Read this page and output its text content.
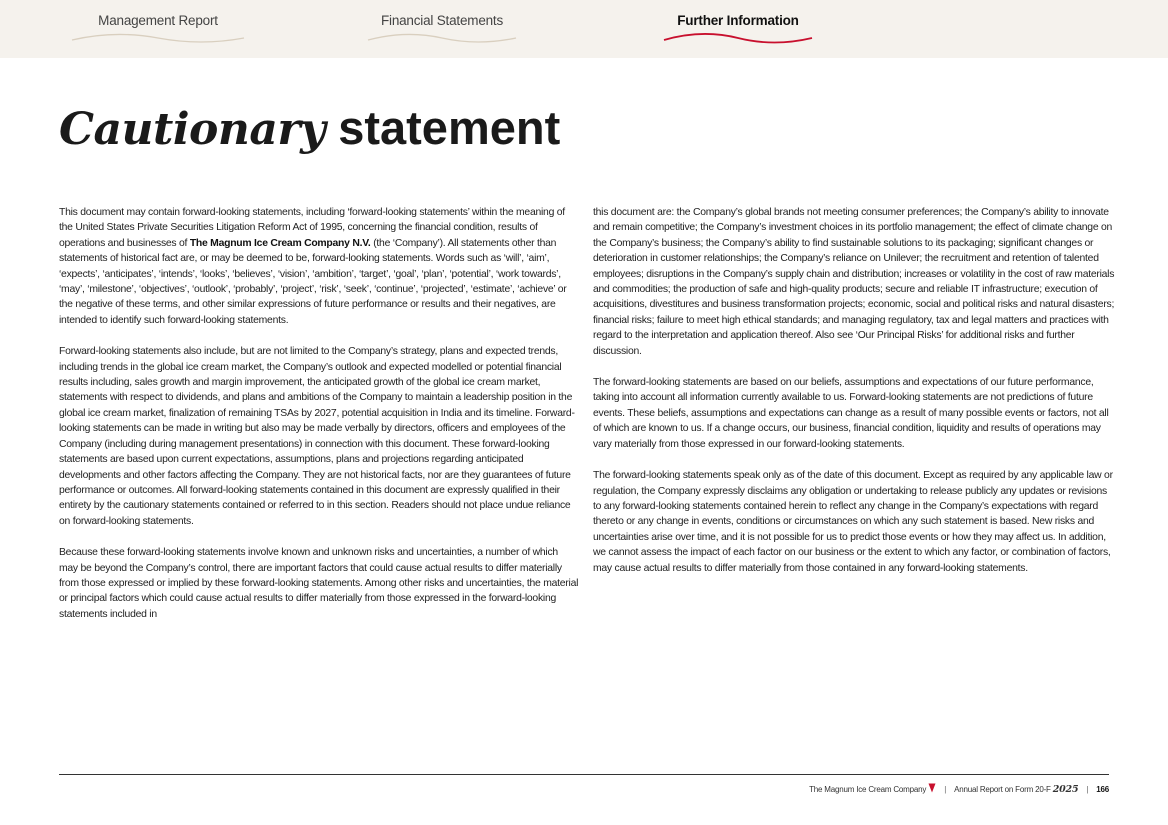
Management Report	Financial Statements	Further Information
Cautionary statement

This document may contain forward-looking statements, including ‘forward-looking statements’ within the meaning of the United States Private Securities Litigation Reform Act of 1995, concerning the financial condition, results of operations and businesses of The Magnum Ice Cream Company N.V. (the ‘Company’). All statements other than statements of historical fact are, or may be deemed to be, forward-looking statements. Words such as ‘will’, ‘aim’, ‘expects’, ‘anticipates’, ‘intends’, ‘looks’, ‘believes’, ‘vision’, ‘ambition’, ‘target’, ‘goal’, ‘plan’, ‘potential’, ‘work towards’, ‘may’, ‘milestone’, ‘objectives’, ‘outlook’, ‘probably’, ‘project’, ‘risk’, ‘seek’, ‘continue’, ‘projected’, ‘estimate’, ‘achieve’ or the negative of these terms, and other similar expressions of future performance or results and their negatives, are intended to identify such forward-looking statements.

Forward-looking statements also include, but are not limited to the Company’s strategy, plans and expected trends, including trends in the global ice cream market, the Company’s outlook and expected modelled or potential financial results including, sales growth and margin improvement, the anticipated growth of the global ice cream market, statements with respect to dividends, and plans and ambitions of the Company to maintain a leadership position in the global ice cream market, finalization of remaining TSAs by 2027, potential acquisition in India and its timeline. Forward-looking statements can be made in writing but also may be made verbally by directors, officers and employees of the Company (including during management presentations) in connection with this document. These forward-looking statements are based upon current expectations, assumptions, plans and projections regarding anticipated developments and other factors affecting the Company. They are not historical facts, nor are they guarantees of future performance or outcomes. All forward-looking statements contained in this document are expressly qualified in their entirety by the cautionary statements contained or referred to in this section. Readers should not place undue reliance on forward-looking statements.

Because these forward-looking statements involve known and unknown risks and uncertainties, a number of which may be beyond the Company’s control, there are important factors that could cause actual results to differ materially from those expressed or implied by these forward-looking statements. Among other risks and uncertainties, the material or principal factors which could cause actual results to differ materially from those expressed in the forward-looking statements included in

this document are: the Company’s global brands not meeting consumer preferences; the Company’s ability to innovate and remain competitive; the Company’s investment choices in its portfolio management; the effect of climate change on the Company’s business; the Company’s ability to find sustainable solutions to its packaging; significant changes or deterioration in customer relationships; the Company’s reliance on Unilever; the recruitment and retention of talented employees; disruptions in the Company’s supply chain and distribution; increases or volatility in the cost of raw materials and commodities; the production of safe and high-quality products; secure and reliable IT infrastructure; execution of acquisitions, divestitures and business transformation projects; economic, social and political risks and natural disasters; financial risks; failure to meet high ethical standards; and managing regulatory, tax and legal matters and practices with regard to the interpretation and application thereof. Also see ‘Our Principal Risks’ for additional risks and further discussion.

The forward-looking statements are based on our beliefs, assumptions and expectations of our future performance, taking into account all information currently available to us. Forward-looking statements are not predictions of future events. These beliefs, assumptions and expectations can change as a result of many possible events or factors, not all of which are known to us. If a change occurs, our business, financial condition, liquidity and results of operations may vary materially from those expressed in our forward-looking statements.

The forward-looking statements speak only as of the date of this document. Except as required by any applicable law or regulation, the Company expressly disclaims any obligation or undertaking to release publicly any updates or revisions to any forward-looking statements contained herein to reflect any change in the Company’s expectations with regard thereto or any change in events, conditions or circumstances on which any such statement is based. New risks and uncertainties arise over time, and it is not possible for us to predict those events or how they may affect us. In addition, we cannot assess the impact of each factor on our business or the extent to which any factor, or combination of factors, may cause actual results to differ materially from those contained in any forward-looking statements.

The Magnum Ice Cream Company | Annual Report on Form 20-F 2025 | 166
